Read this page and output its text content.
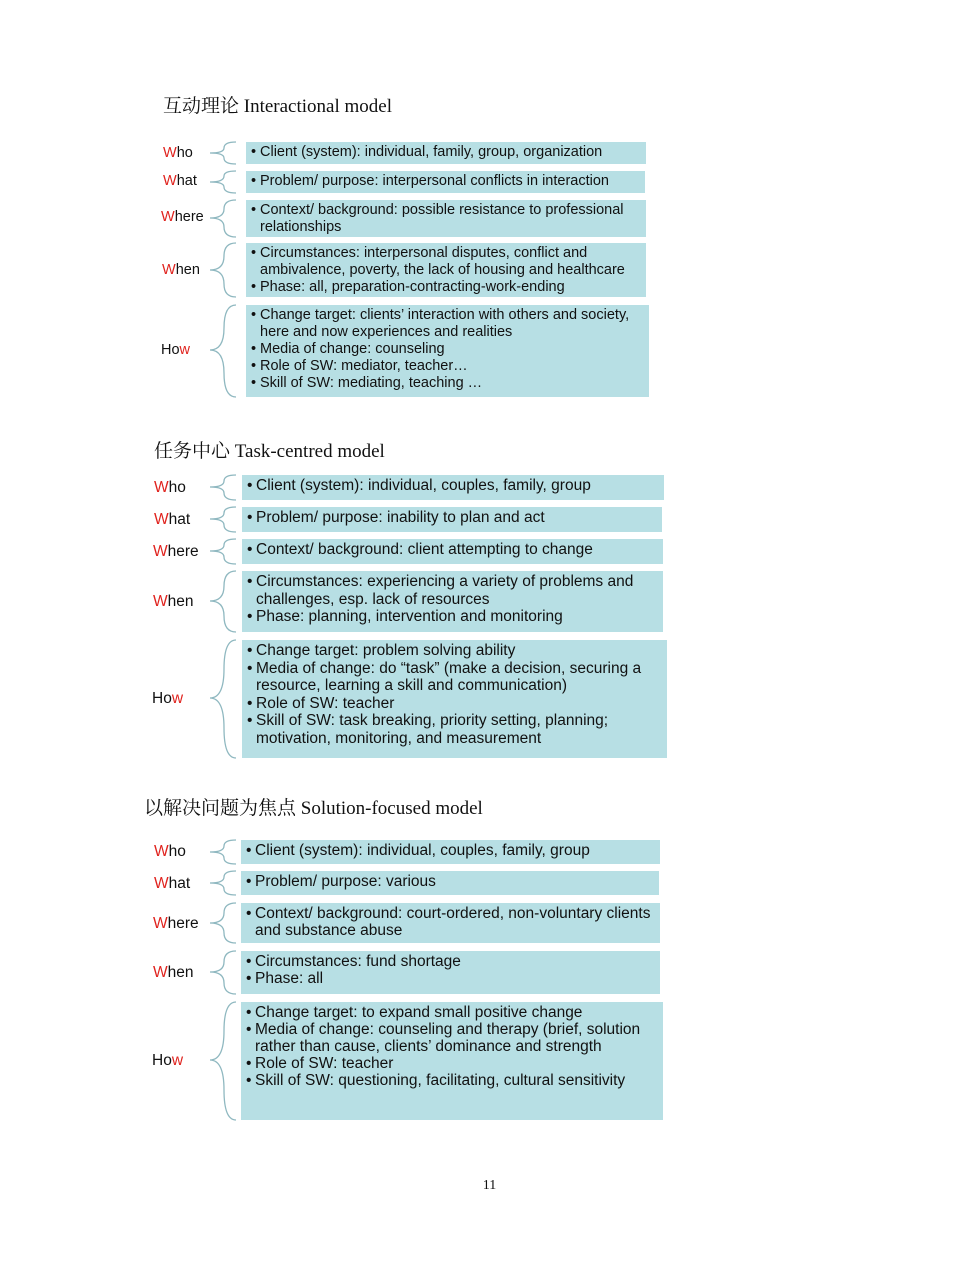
互动理论 Interactional model
Who
What
Where
When
How
• Client (system): individual, family, group, organization
• Problem/ purpose: interpersonal conflicts in interaction
• Context/ background: possible resistance to professional relationships
• Circumstances: interpersonal disputes, conflict and ambivalence, poverty, the lack of housing and healthcare
• Phase: all, preparation-contracting-work-ending
• Change target: clients’ interaction with others and society, here and now experiences and realities
• Media of change: counseling
• Role of SW: mediator, teacher…
• Skill of SW: mediating, teaching …
任务中心 Task-centred model
Who
What
Where
When
How
• Client (system): individual, couples, family, group
• Problem/ purpose: inability to plan and act
• Context/ background: client attempting to change
• Circumstances: experiencing a variety of problems and challenges, esp. lack of resources
• Phase: planning, intervention and monitoring
• Change target: problem solving ability
• Media of change: do “task” (make a decision, securing a resource, learning a skill and communication)
• Role of SW: teacher
• Skill of SW: task breaking, priority setting, planning; motivation, monitoring, and measurement
以解决问题为焦点 Solution-focused model
Who
What
Where
When
How
• Client (system): individual, couples, family, group
• Problem/ purpose: various
• Context/ background: court-ordered, non-voluntary clients and substance abuse
• Circumstances: fund shortage
• Phase: all
• Change target: to expand small positive change
• Media of change: counseling and therapy (brief, solution rather than cause, clients’ dominance and strength
• Role of SW: teacher
• Skill of SW: questioning, facilitating, cultural sensitivity
11
